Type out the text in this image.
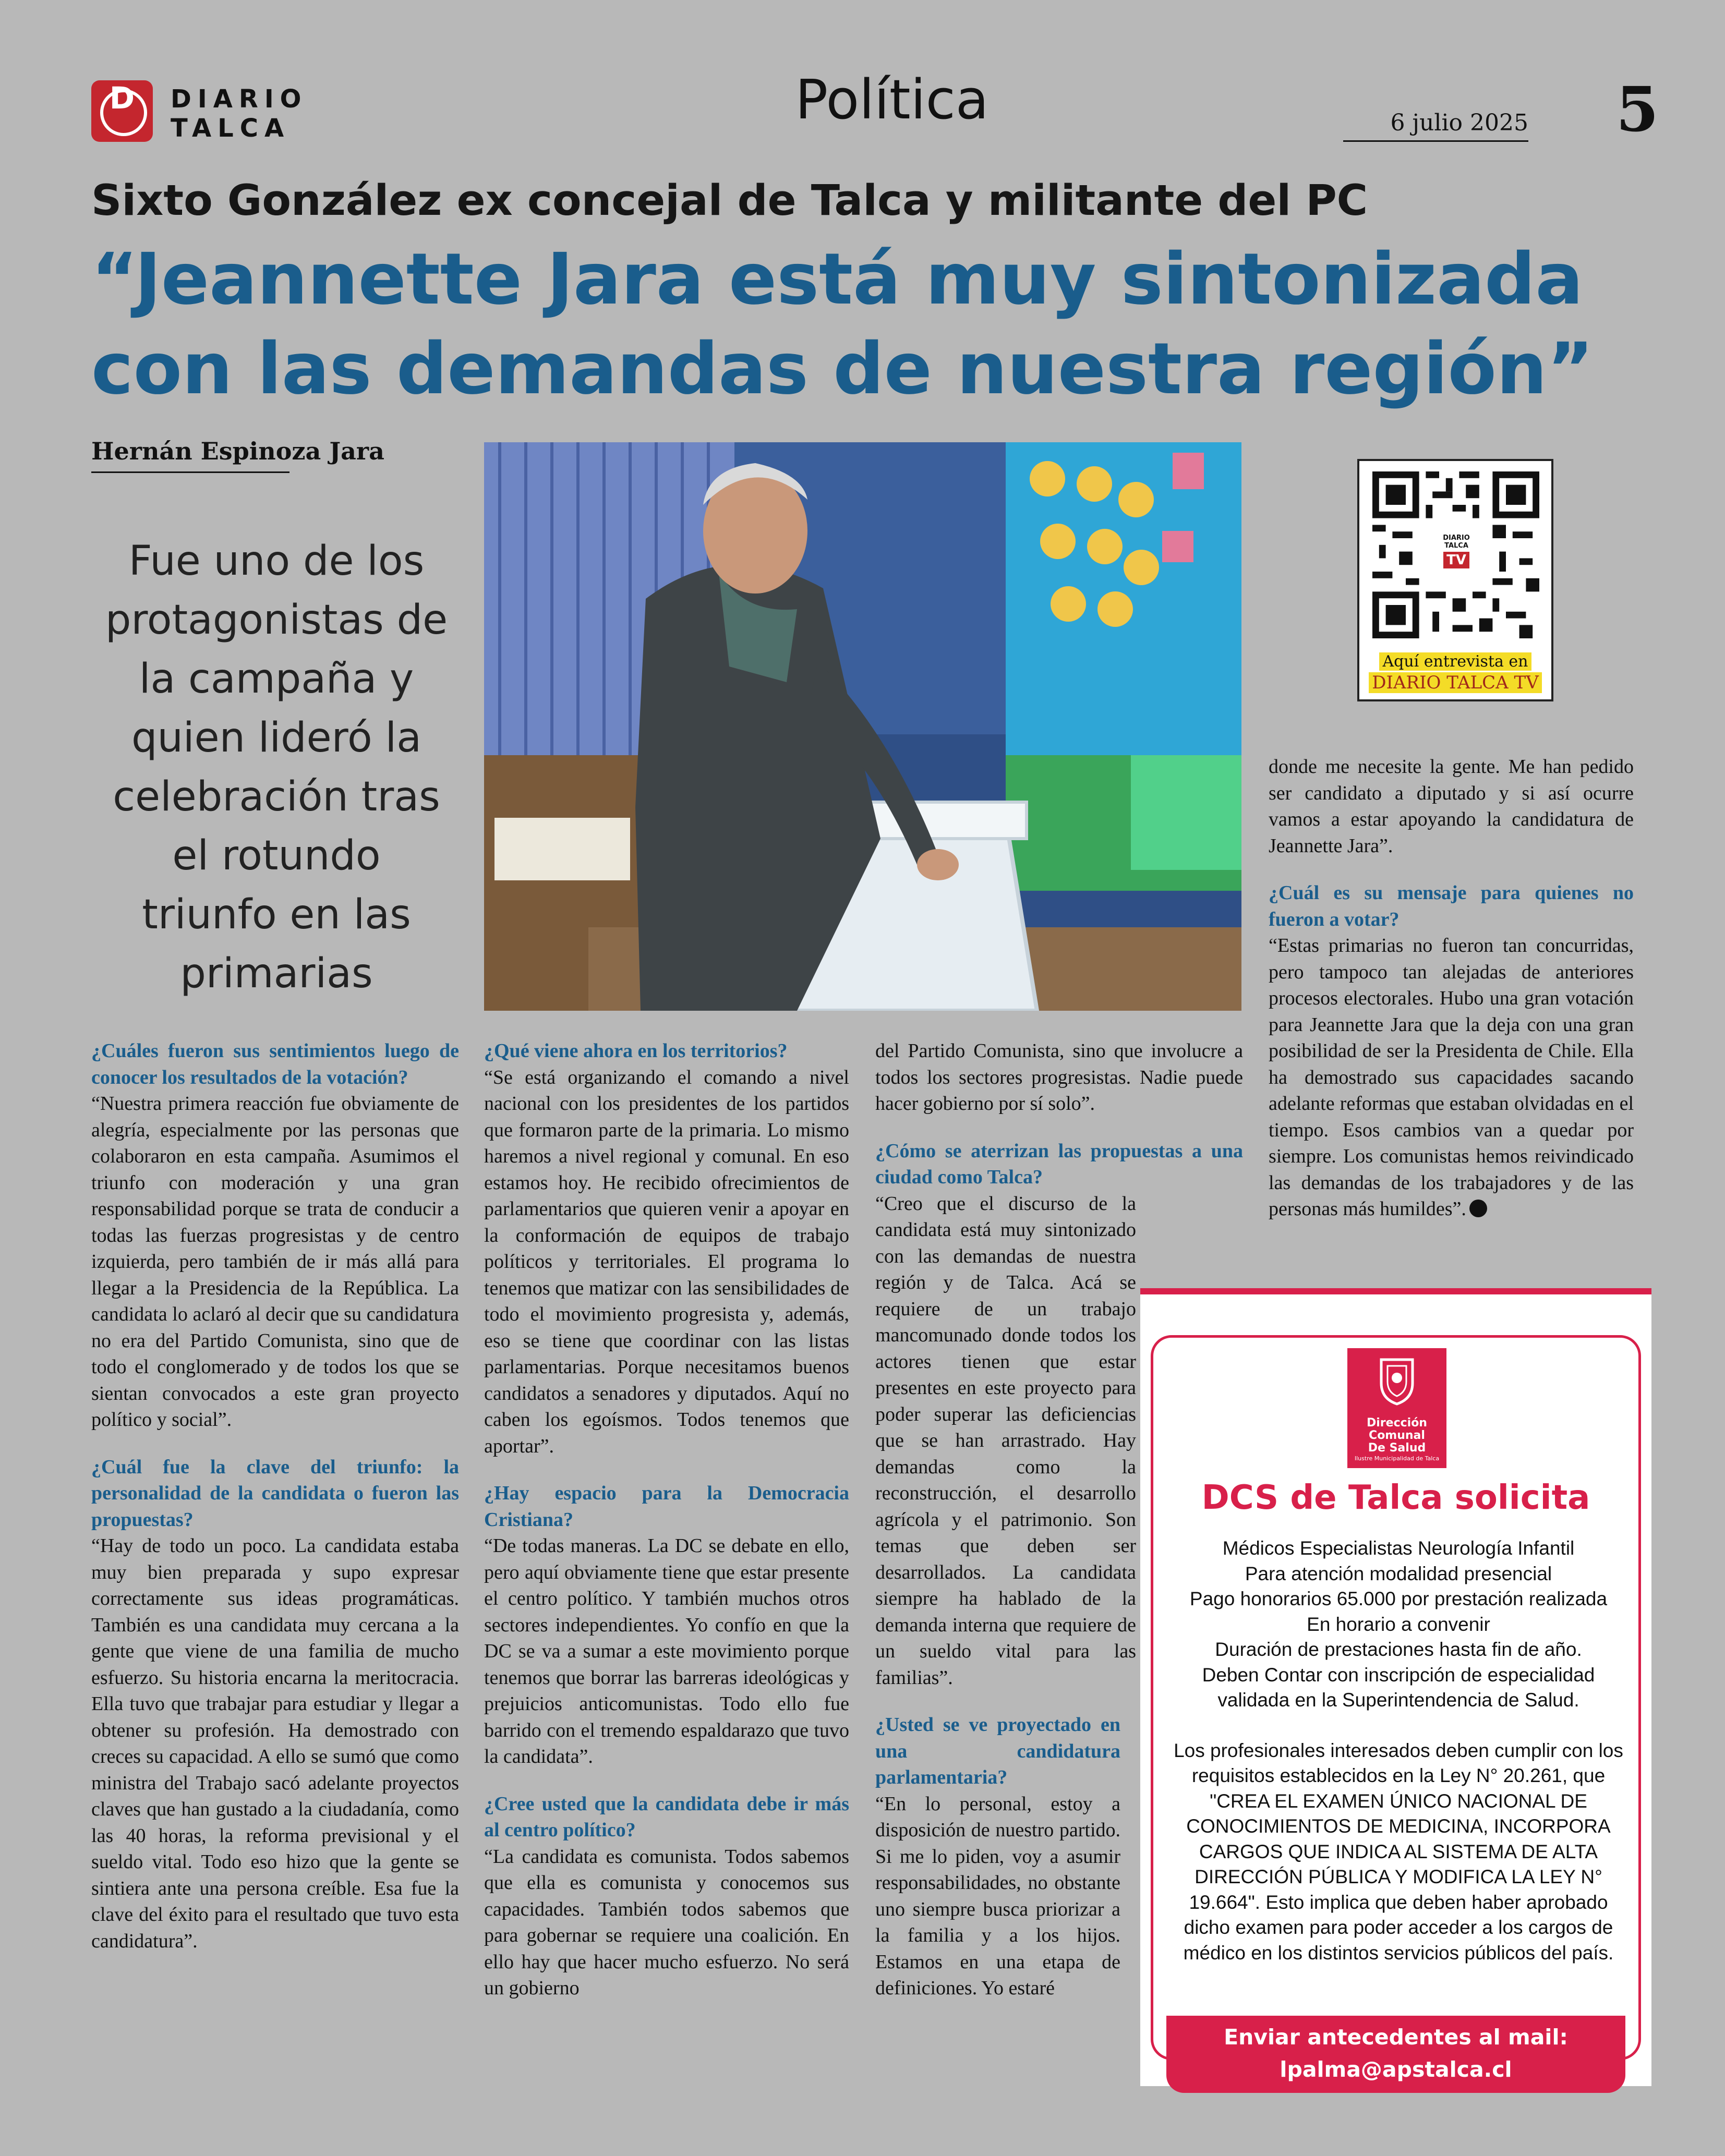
D	DIARIO
TALCA	Política	6 julio 2025	5
Sixto González ex concejal de Talca y militante del PC
“Jeannette Jara está muy sintonizada
con las demandas de nuestra región”
Hernán Espinoza Jara
Fue uno de los protagonistas de la campaña y quien lideró la celebración tras el rotundo triunfo en las primarias
DIARIO
TALCA
TV
Aquí entrevista en
DIARIO TALCA TV

¿Cuáles fueron sus sentimientos luego de conocer los resultados de la votación?

“Nuestra primera reacción fue obviamente de alegría, especialmente por las personas que colaboraron en esta campaña. Asumimos el triunfo con moderación y una gran responsabilidad porque se trata de conducir a todas las fuerzas progresistas y de centro izquierda, pero también de ir más allá para llegar a la Presidencia de la República. La candidata lo aclaró al decir que su candidatura no era del Partido Comunista, sino que de todo el conglomerado y de todos los que se sientan convocados a este gran proyecto político y social”.

¿Cuál fue la clave del triunfo: la personalidad de la candidata o fueron las propuestas?

“Hay de todo un poco. La candidata estaba muy bien preparada y supo expresar correctamente sus ideas programáticas. También es una candidata muy cercana a la gente que viene de una familia de mucho esfuerzo. Su historia encarna la meritocracia. Ella tuvo que trabajar para estudiar y llegar a obtener su profesión. Ha demostrado con creces su capacidad. A ello se sumó que como ministra del Trabajo sacó adelante proyectos claves que han gustado a la ciudadanía, como las 40 horas, la reforma previsional y el sueldo vital. Todo eso hizo que la gente se sintiera ante una persona creíble. Esa fue la clave del éxito para el resultado que tuvo esta candidatura”.

¿Qué viene ahora en los territorios?

“Se está organizando el comando a nivel nacional con los presidentes de los partidos que formaron parte de la primaria. Lo mismo haremos a nivel regional y comunal. En eso estamos hoy. He recibido ofrecimientos de parlamentarios que quieren venir a apoyar en la conformación de equipos de trabajo políticos y territoriales. El programa lo tenemos que matizar con las sensibilidades de todo el movimiento progresista y, además, eso se tiene que coordinar con las listas parlamentarias. Porque necesitamos buenos candidatos a senadores y diputados. Aquí no caben los egoísmos. Todos tenemos que aportar”.

¿Hay espacio para la Democracia Cristiana?

“De todas maneras. La DC se debate en ello, pero aquí obviamente tiene que estar presente el centro político. Y también muchos otros sectores independientes. Yo confío en que la DC se va a sumar a este movimiento porque tenemos que borrar las barreras ideológicas y prejuicios anticomunistas. Todo ello fue barrido con el tremendo espaldarazo que tuvo la candidata”.

¿Cree usted que la candidata debe ir más al centro político?

“La candidata es comunista. Todos sabemos que ella es comunista y conocemos sus capacidades. También todos sabemos que para gobernar se requiere una coalición. En ello hay que hacer mucho esfuerzo. No será un gobierno

del Partido Comunista, sino que involucre a todos los sectores progresistas. Nadie puede hacer gobierno por sí solo”.

¿Cómo se aterrizan las propuestas a una ciudad como Talca?

“Creo que el discurso de la candidata está muy sintonizado con las demandas de nuestra región y de Talca. Acá se requiere de un trabajo mancomunado donde todos los actores tienen que estar presentes en este proyecto para poder superar las deficiencias que se han arrastrado. Hay demandas como la reconstrucción, el desarrollo agrícola y el patrimonio. Son temas que deben ser desarrollados. La candidata siempre ha hablado de la demanda interna que requiere de un sueldo vital para las familias”.

¿Usted se ve proyectado en una candidatura parlamentaria?

“En lo personal, estoy a disposición de nuestro partido. Si me lo piden, voy a asumir responsabilidades, no obstante uno siempre busca priorizar a la familia y a los hijos. Estamos en una etapa de definiciones. Yo estaré

donde me necesite la gente. Me han pedido ser candidato a diputado y si así ocurre vamos a estar apoyando la candidatura de Jeannette Jara”.

¿Cuál es su mensaje para quienes no fueron a votar?

“Estas primarias no fueron tan concurridas, pero tampoco tan alejadas de anteriores procesos electorales. Hubo una gran votación para Jeannette Jara que la deja con una gran posibilidad de ser la Presidenta de Chile. Ella ha demostrado sus capacidades sacando adelante reformas que estaban olvidadas en el tiempo. Esos cambios van a quedar por siempre. Los comunistas hemos reivindicado las demandas de los trabajadores y de las personas más humildes”.

Dirección
Comunal
De Salud
Ilustre Municipalidad de Talca
DCS de Talca solicita
Médicos Especialistas Neurología Infantil
Para atención modalidad presencial
Pago honorarios 65.000 por prestación realizada
En horario a convenir
Duración de prestaciones hasta fin de año.
Deben Contar con inscripción de especialidad
validada en la Superintendencia de Salud.
Los profesionales interesados deben cumplir con los requisitos establecidos en la Ley N° 20.261, que "CREA EL EXAMEN ÚNICO NACIONAL DE CONOCIMIENTOS DE MEDICINA, INCORPORA CARGOS QUE INDICA AL SISTEMA DE ALTA DIRECCIÓN PÚBLICA Y MODIFICA LA LEY N° 19.664". Esto implica que deben haber aprobado dicho examen para poder acceder a los cargos de médico en los distintos servicios públicos del país.
Enviar antecedentes al mail:
lpalma@apstalca.cl
